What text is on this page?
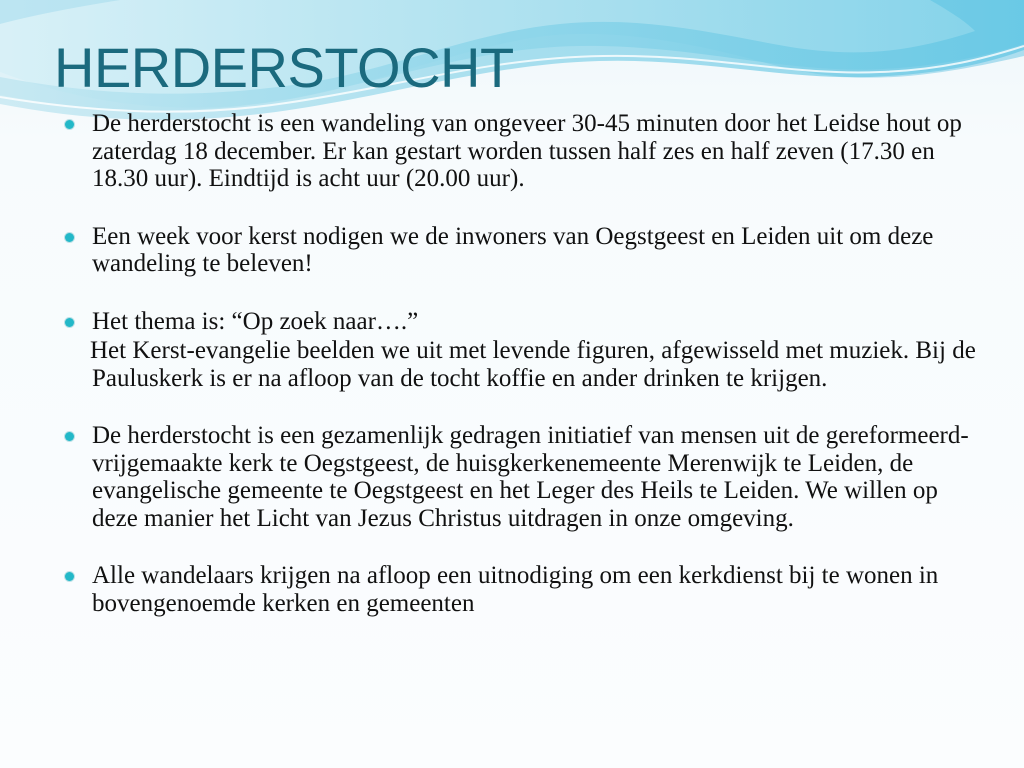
HERDERSTOCHT

De herderstocht is een wandeling van ongeveer 30-45 minuten door het Leidse hout op zaterdag 18 december. Er kan gestart worden tussen half zes en half zeven (17.30 en 18.30 uur). Eindtijd is acht uur (20.00 uur).

Een week voor kerst nodigen we de inwoners van Oegstgeest en Leiden uit om deze wandeling te beleven!

Het thema is: “Op zoek naar….”

Het Kerst-evangelie beelden we uit met levende figuren, afgewisseld met muziek. Bij de Pauluskerk is er na afloop van de tocht koffie en ander drinken te krijgen.

De herderstocht is een gezamenlijk gedragen initiatief van mensen uit de gereformeerd-vrijgemaakte kerk te Oegstgeest, de huisgkerkenemeente Merenwijk te Leiden, de evangelische gemeente te Oegstgeest en het Leger des Heils te Leiden. We willen op deze manier het Licht van Jezus Christus uitdragen in onze omgeving.

Alle wandelaars krijgen na afloop een uitnodiging om een kerkdienst bij te wonen in bovengenoemde kerken en gemeenten
